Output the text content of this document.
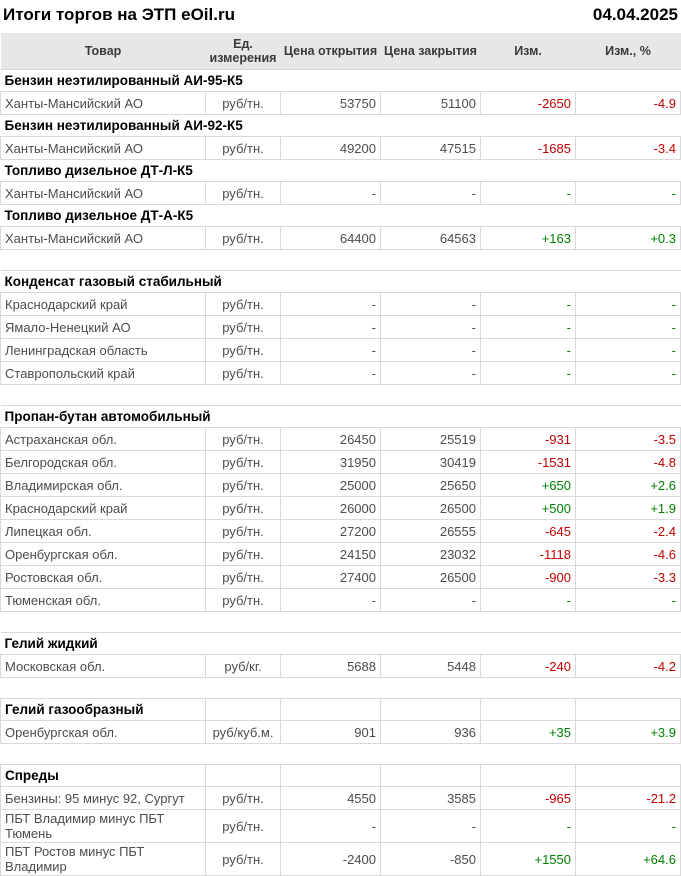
Итоги торгов на ЭТП eOil.ru	04.04.2025
Товар	Ед. измерения	Цена открытия	Цена закрытия	Изм.	Изм., %
Бензин неэтилированный АИ-95-К5					
Ханты-Мансийский АО	руб/тн.	53750	51100	-2650	-4.9
Бензин неэтилированный АИ-92-К5					
Ханты-Мансийский АО	руб/тн.	49200	47515	-1685	-3.4
Топливо дизельное ДТ-Л-К5					
Ханты-Мансийский АО	руб/тн.	-	-	-	-
Топливо дизельное ДТ-А-К5					
Ханты-Мансийский АО	руб/тн.	64400	64563	+163	+0.3

Конденсат газовый стабильный					
Краснодарский край	руб/тн.	-	-	-	-
Ямало-Ненецкий АО	руб/тн.	-	-	-	-
Ленинградская область	руб/тн.	-	-	-	-
Ставропольский край	руб/тн.	-	-	-	-

Пропан-бутан автомобильный					
Астраханская обл.	руб/тн.	26450	25519	-931	-3.5
Белгородская обл.	руб/тн.	31950	30419	-1531	-4.8
Владимирская обл.	руб/тн.	25000	25650	+650	+2.6
Краснодарский край	руб/тн.	26000	26500	+500	+1.9
Липецкая обл.	руб/тн.	27200	26555	-645	-2.4
Оренбургская обл.	руб/тн.	24150	23032	-1118	-4.6
Ростовская обл.	руб/тн.	27400	26500	-900	-3.3
Тюменская обл.	руб/тн.	-	-	-	-

Гелий жидкий					
Московская обл.	руб/кг.	5688	5448	-240	-4.2

Гелий газообразный					
Оренбургская обл.	руб/куб.м.	901	936	+35	+3.9

Спреды					
Бензины: 95 минус 92, Сургут	руб/тн.	4550	3585	-965	-21.2
ПБТ Владимир минус ПБТ Тюмень	руб/тн.	-	-	-	-
ПБТ Ростов минус ПБТ Владимир	руб/тн.	-2400	-850	+1550	+64.6
